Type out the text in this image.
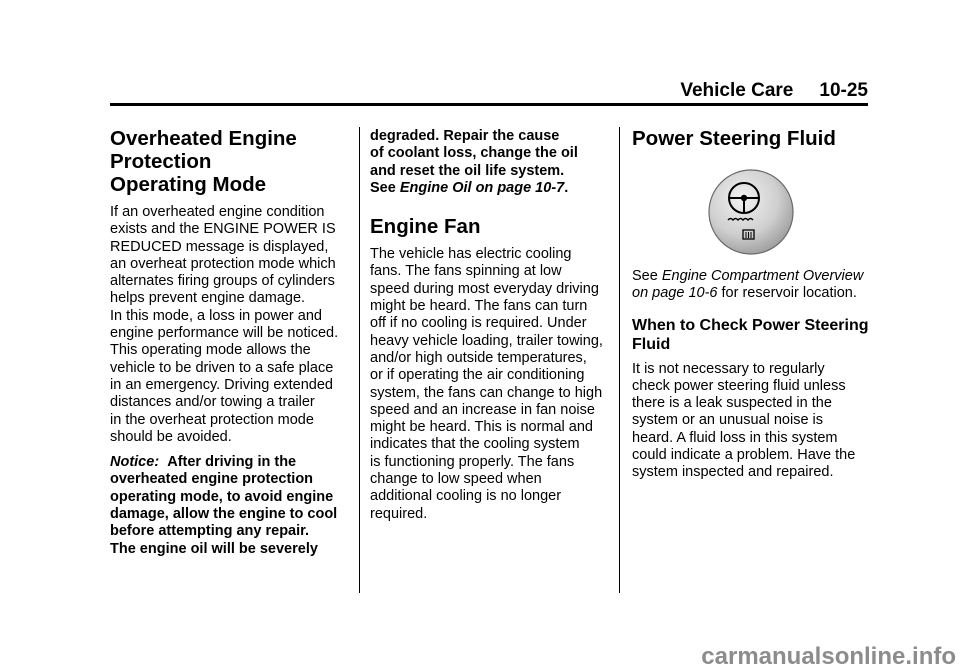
Vehicle Care 10-25
Overheated Engine
Protection
Operating Mode

If an overheated engine condition
exists and the ENGINE POWER IS
REDUCED message is displayed,
an overheat protection mode which
alternates firing groups of cylinders
helps prevent engine damage.
In this mode, a loss in power and
engine performance will be noticed.
This operating mode allows the
vehicle to be driven to a safe place
in an emergency. Driving extended
distances and/or towing a trailer
in the overheat protection mode
should be avoided.

Notice: After driving in the
overheated engine protection
operating mode, to avoid engine
damage, allow the engine to cool
before attempting any repair.
The engine oil will be severely

degraded. Repair the cause
of coolant loss, change the oil
and reset the oil life system.
See Engine Oil on page 10-7.

Engine Fan

The vehicle has electric cooling
fans. The fans spinning at low
speed during most everyday driving
might be heard. The fans can turn
off if no cooling is required. Under
heavy vehicle loading, trailer towing,
and/or high outside temperatures,
or if operating the air conditioning
system, the fans can change to high
speed and an increase in fan noise
might be heard. This is normal and
indicates that the cooling system
is functioning properly. The fans
change to low speed when
additional cooling is no longer
required.

Power Steering Fluid

See Engine Compartment Overview
on page 10-6 for reservoir location.

When to Check Power Steering
Fluid

It is not necessary to regularly
check power steering fluid unless
there is a leak suspected in the
system or an unusual noise is
heard. A fluid loss in this system
could indicate a problem. Have the
system inspected and repaired.

carmanualsonline.info
